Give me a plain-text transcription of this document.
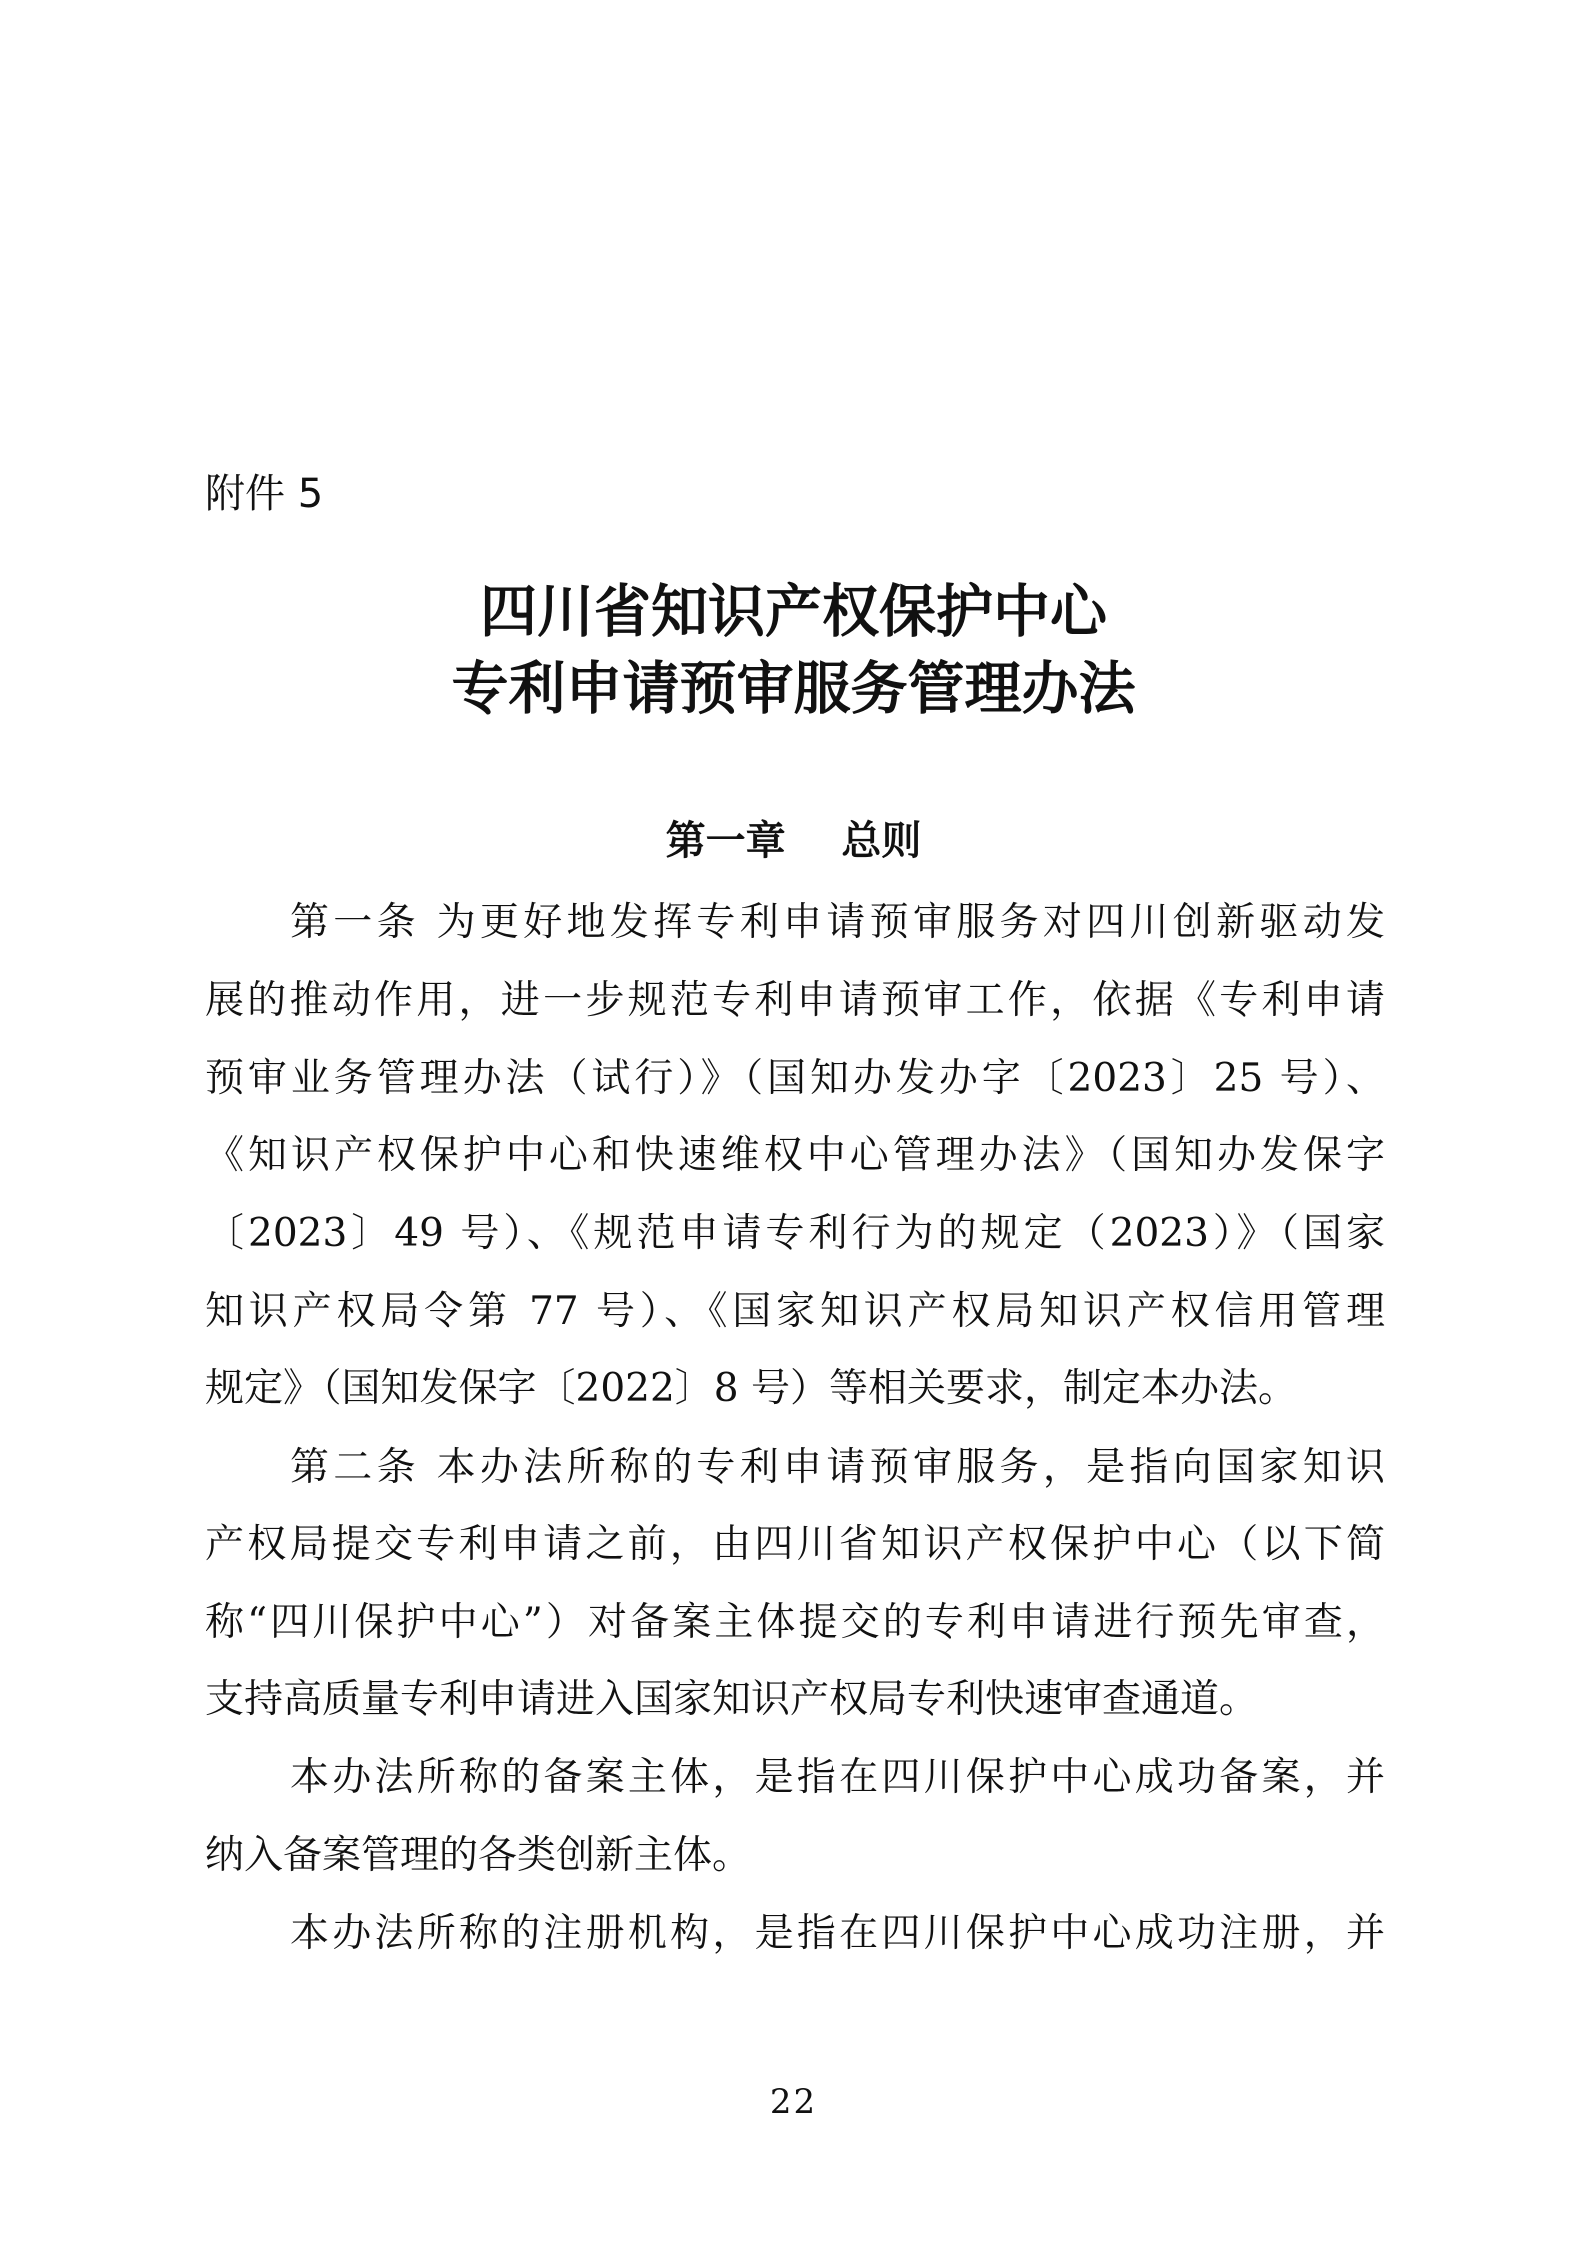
附件 5

四川省知识产权保护中心
专利申请预审服务管理办法
第一章    总则

第一条 为更好地发挥专利申请预审服务对四川创新驱动发

展的推动作用，进一步规范专利申请预审工作，依据《专利申请

预审业务管理办法（试行）》（国知办发办字〔2023〕25 号）、

《知识产权保护中心和快速维权中心管理办法》（国知办发保字

〔2023〕49 号）、《规范申请专利行为的规定（2023）》（国家

知识产权局令第 77 号）、《国家知识产权局知识产权信用管理

规定》（国知发保字〔2022〕8 号）等相关要求，制定本办法。

第二条 本办法所称的专利申请预审服务，是指向国家知识

产权局提交专利申请之前，由四川省知识产权保护中心（以下简

称“四川保护中心”）对备案主体提交的专利申请进行预先审查，

支持高质量专利申请进入国家知识产权局专利快速审查通道。

本办法所称的备案主体，是指在四川保护中心成功备案，并

纳入备案管理的各类创新主体。

本办法所称的注册机构，是指在四川保护中心成功注册，并

22
